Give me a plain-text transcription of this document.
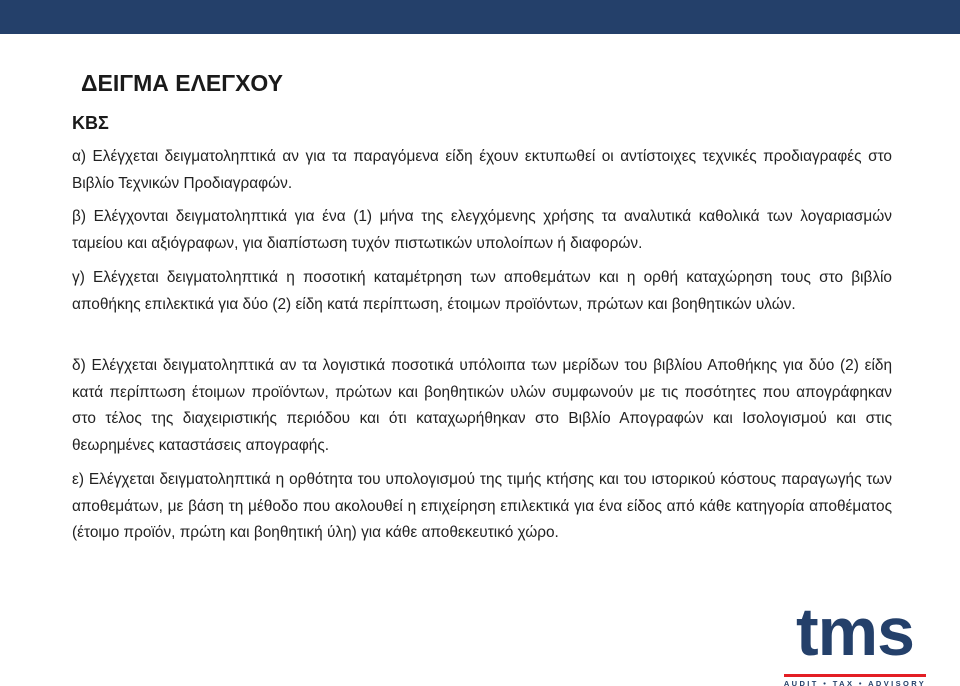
ΔΕΙΓΜΑ ΕΛΕΓΧΟΥ
ΚΒΣ

α) Ελέγχεται δειγματοληπτικά αν για τα παραγόμενα είδη έχουν εκτυπωθεί οι αντίστοιχες τεχνικές προδιαγραφές στο Βιβλίο Τεχνικών Προδιαγραφών.

β) Ελέγχονται δειγματοληπτικά για ένα (1) μήνα της ελεγχόμενης χρήσης τα αναλυτικά καθολικά των λογαριασμών ταμείου και αξιόγραφων, για διαπίστωση τυχόν πιστωτικών υπολοίπων ή διαφορών.

γ) Ελέγχεται δειγματοληπτικά η ποσοτική καταμέτρηση των αποθεμάτων και η ορθή καταχώρηση τους στο βιβλίο αποθήκης επιλεκτικά για δύο (2) είδη κατά περίπτωση, έτοιμων προϊόντων, πρώτων και βοηθητικών υλών.

δ) Ελέγχεται δειγματοληπτικά αν τα λογιστικά ποσοτικά υπόλοιπα των μερίδων του βιβλίου Αποθήκης για δύο (2) είδη κατά περίπτωση έτοιμων προϊόντων, πρώτων και βοηθητικών υλών συμφωνούν με τις ποσότητες που απογράφηκαν στο τέλος της διαχειριστικής περιόδου και ότι καταχωρήθηκαν στο Βιβλίο Απογραφών και Ισολογισμού και στις θεωρημένες καταστάσεις απογραφής.

ε) Ελέγχεται δειγματοληπτικά η ορθότητα του υπολογισμού της τιμής κτήσης και του ιστορικού κόστους παραγωγής των αποθεμάτων, με βάση τη μέθοδο που ακολουθεί η επιχείρηση επιλεκτικά για ένα είδος από κάθε κατηγορία αποθέματος (έτοιμο προϊόν, πρώτη και βοηθητική ύλη) για κάθε αποθεκευτικό χώρο.

tms
AUDIT • TAX • ADVISORY
